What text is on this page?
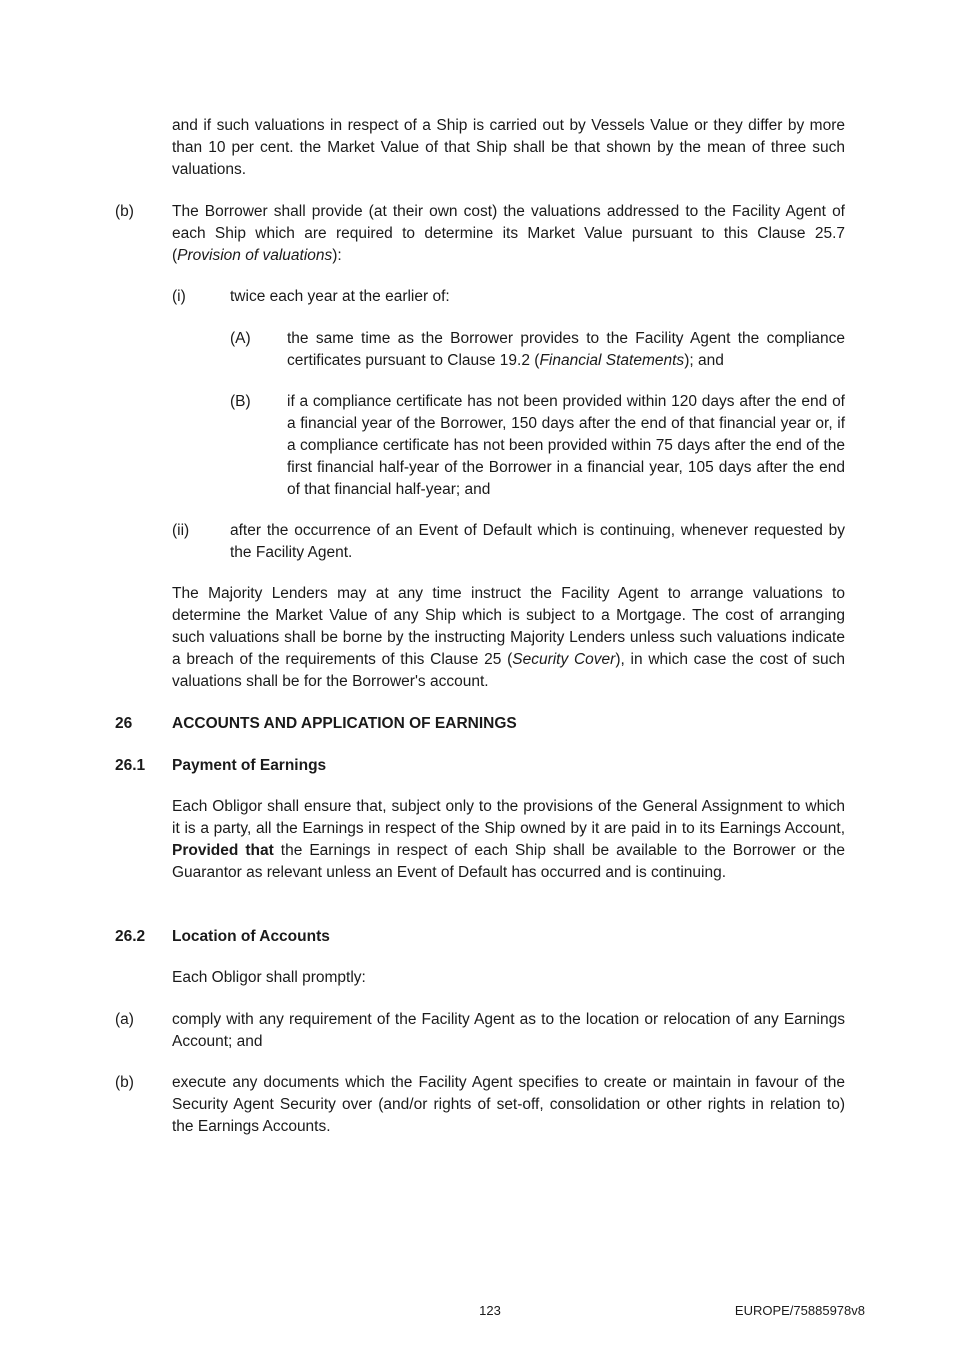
and if such valuations in respect of a Ship is carried out by Vessels Value or they differ by more than 10 per cent. the Market Value of that Ship shall be that shown by the mean of three such valuations.

(b) The Borrower shall provide (at their own cost) the valuations addressed to the Facility Agent of each Ship which are required to determine its Market Value pursuant to this Clause 25.7 (Provision of valuations):

(i)	twice each year at the earlier of:

(A) the same time as the Borrower provides to the Facility Agent the compliance certificates pursuant to Clause 19.2 (Financial Statements); and

(B) if a compliance certificate has not been provided within 120 days after the end of a financial year of the Borrower, 150 days after the end of that financial year or, if a compliance certificate has not been provided within 75 days after the end of the first financial half-year of the Borrower in a financial year, 105 days after the end of that financial half-year; and

(ii)	after the occurrence of an Event of Default which is continuing, whenever requested by the Facility Agent.

The Majority Lenders may at any time instruct the Facility Agent to arrange valuations to determine the Market Value of any Ship which is subject to a Mortgage. The cost of arranging such valuations shall be borne by the instructing Majority Lenders unless such valuations indicate a breach of the requirements of this Clause 25 (Security Cover), in which case the cost of such valuations shall be for the Borrower's account.

26	ACCOUNTS AND APPLICATION OF EARNINGS
26.1 Payment of Earnings

Each Obligor shall ensure that, subject only to the provisions of the General Assignment to which it is a party, all the Earnings in respect of the Ship owned by it are paid in to its Earnings Account, Provided that the Earnings in respect of each Ship shall be available to the Borrower or the Guarantor as relevant unless an Event of Default has occurred and is continuing.

26.2 Location of Accounts

Each Obligor shall promptly:

(a) comply with any requirement of the Facility Agent as to the location or relocation of any Earnings Account; and

(b) execute any documents which the Facility Agent specifies to create or maintain in favour of the Security Agent Security over (and/or rights of set-off, consolidation or other rights in relation to) the Earnings Accounts.

123	EUROPE/75885978v8
